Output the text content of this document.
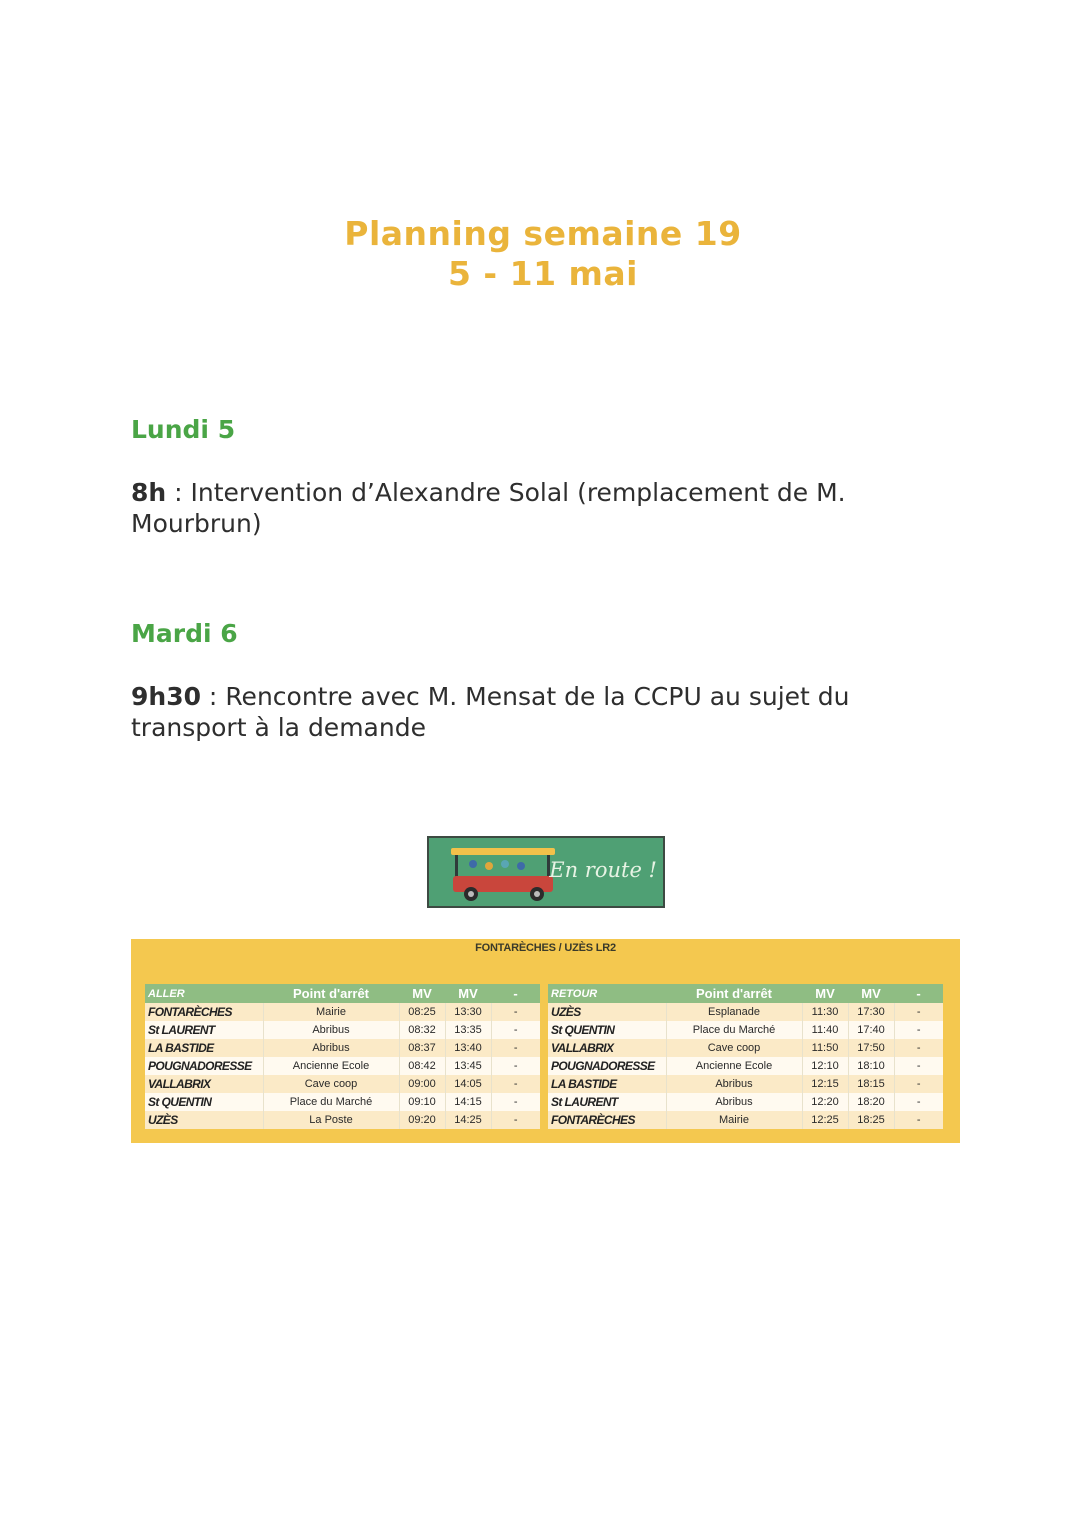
Planning semaine 19
5 - 11 mai
Lundi 5
8h : Intervention d’Alexandre Solal (remplacement de M. Mourbrun)
Mardi 6
9h30 : Rencontre avec M. Mensat de la CCPU au sujet du transport à la demande
En route !
FONTARÈCHES / UZÈS LR2
ALLER	Point d'arrêt	MV	MV	-
FONTARÈCHES	Mairie	08:25	13:30	-
St LAURENT	Abribus	08:32	13:35	-
LA BASTIDE	Abribus	08:37	13:40	-
POUGNADORESSE	Ancienne Ecole	08:42	13:45	-
VALLABRIX	Cave coop	09:00	14:05	-
St QUENTIN	Place du Marché	09:10	14:15	-
UZÈS	La Poste	09:20	14:25	-
RETOUR	Point d'arrêt	MV	MV	-
UZÈS	Esplanade	11:30	17:30	-
St QUENTIN	Place du Marché	11:40	17:40	-
VALLABRIX	Cave coop	11:50	17:50	-
POUGNADORESSE	Ancienne Ecole	12:10	18:10	-
LA BASTIDE	Abribus	12:15	18:15	-
St LAURENT	Abribus	12:20	18:20	-
FONTARÈCHES	Mairie	12:25	18:25	-
